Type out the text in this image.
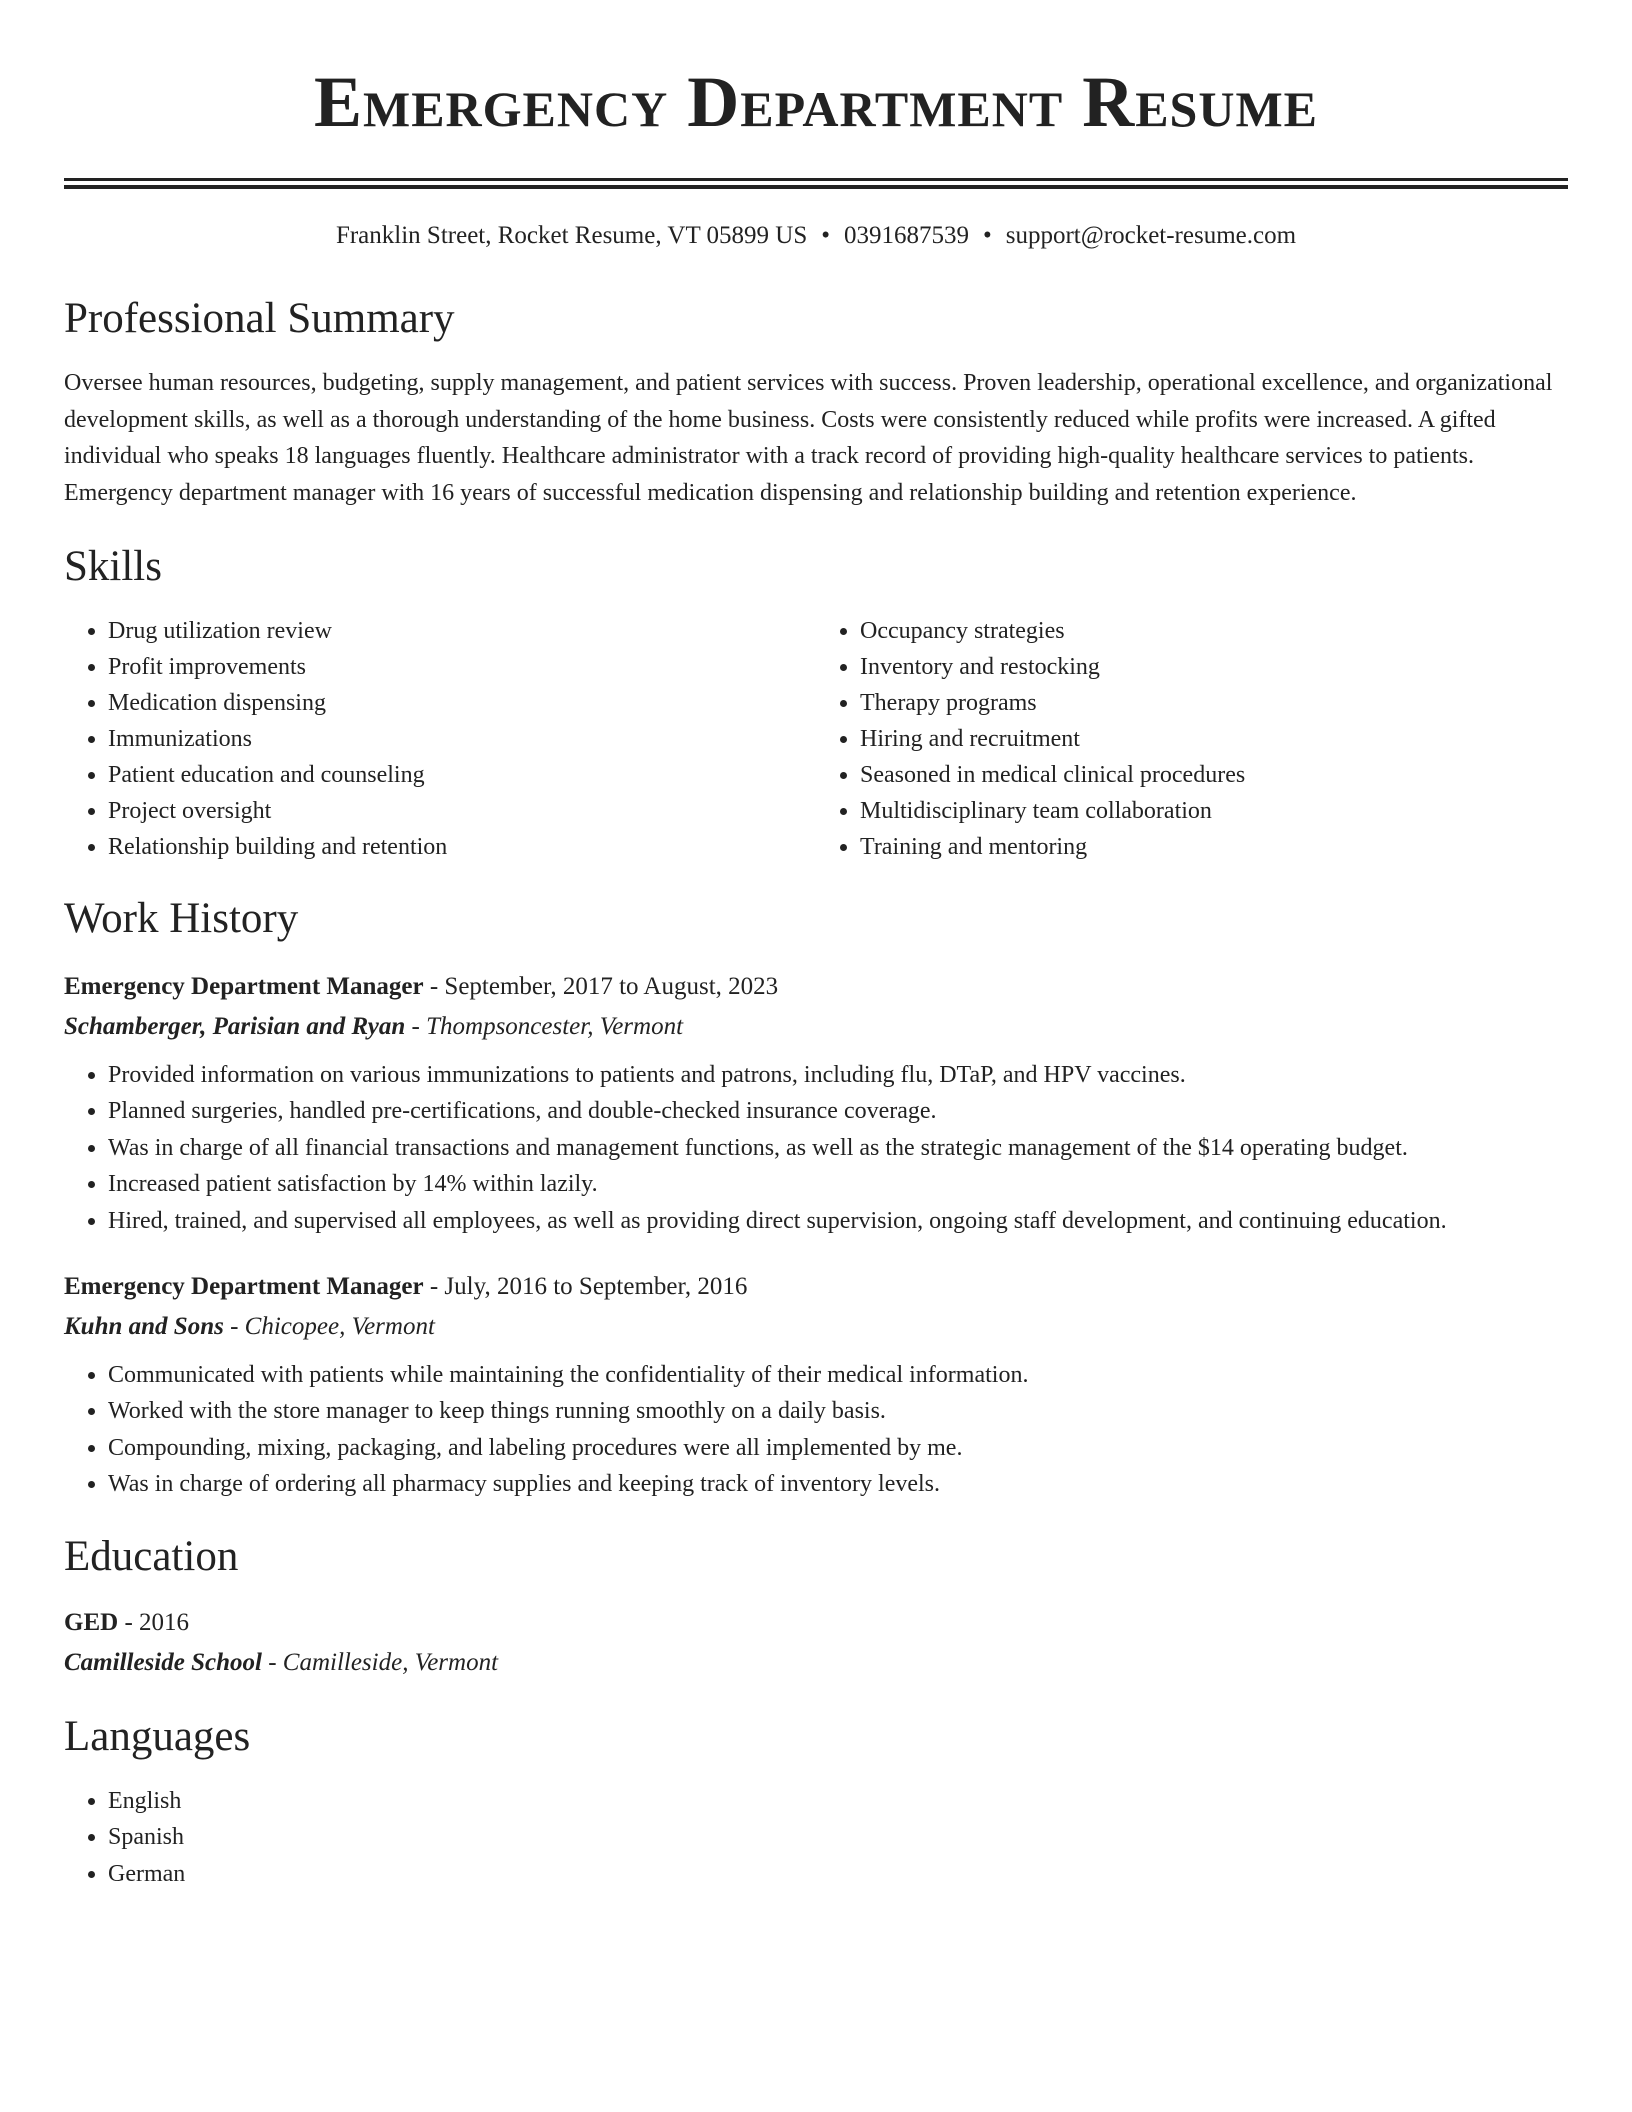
Emergency Department Resume
Franklin Street, Rocket Resume, VT 05899 US • 0391687539 • support@rocket-resume.com
Professional Summary

Oversee human resources, budgeting, supply management, and patient services with success. Proven leadership, operational excellence, and organizational development skills, as well as a thorough understanding of the home business. Costs were consistently reduced while profits were increased. A gifted individual who speaks 18 languages fluently. Healthcare administrator with a track record of providing high-quality healthcare services to patients. Emergency department manager with 16 years of successful medication dispensing and relationship building and retention experience.

Skills
• Drug utilization review
• Profit improvements
• Medication dispensing
• Immunizations
• Patient education and counseling
• Project oversight
• Relationship building and retention
• Occupancy strategies
• Inventory and restocking
• Therapy programs
• Hiring and recruitment
• Seasoned in medical clinical procedures
• Multidisciplinary team collaboration
• Training and mentoring
Work History
Emergency Department Manager - September, 2017 to August, 2023
Schamberger, Parisian and Ryan - Thompsoncester, Vermont
• Provided information on various immunizations to patients and patrons, including flu, DTaP, and HPV vaccines.
• Planned surgeries, handled pre-certifications, and double-checked insurance coverage.
• Was in charge of all financial transactions and management functions, as well as the strategic management of the $14 operating budget.
• Increased patient satisfaction by 14% within lazily.
• Hired, trained, and supervised all employees, as well as providing direct supervision, ongoing staff development, and continuing education.
Emergency Department Manager - July, 2016 to September, 2016
Kuhn and Sons - Chicopee, Vermont
• Communicated with patients while maintaining the confidentiality of their medical information.
• Worked with the store manager to keep things running smoothly on a daily basis.
• Compounding, mixing, packaging, and labeling procedures were all implemented by me.
• Was in charge of ordering all pharmacy supplies and keeping track of inventory levels.
Education
GED - 2016
Camilleside School - Camilleside, Vermont
Languages
• English
• Spanish
• German
